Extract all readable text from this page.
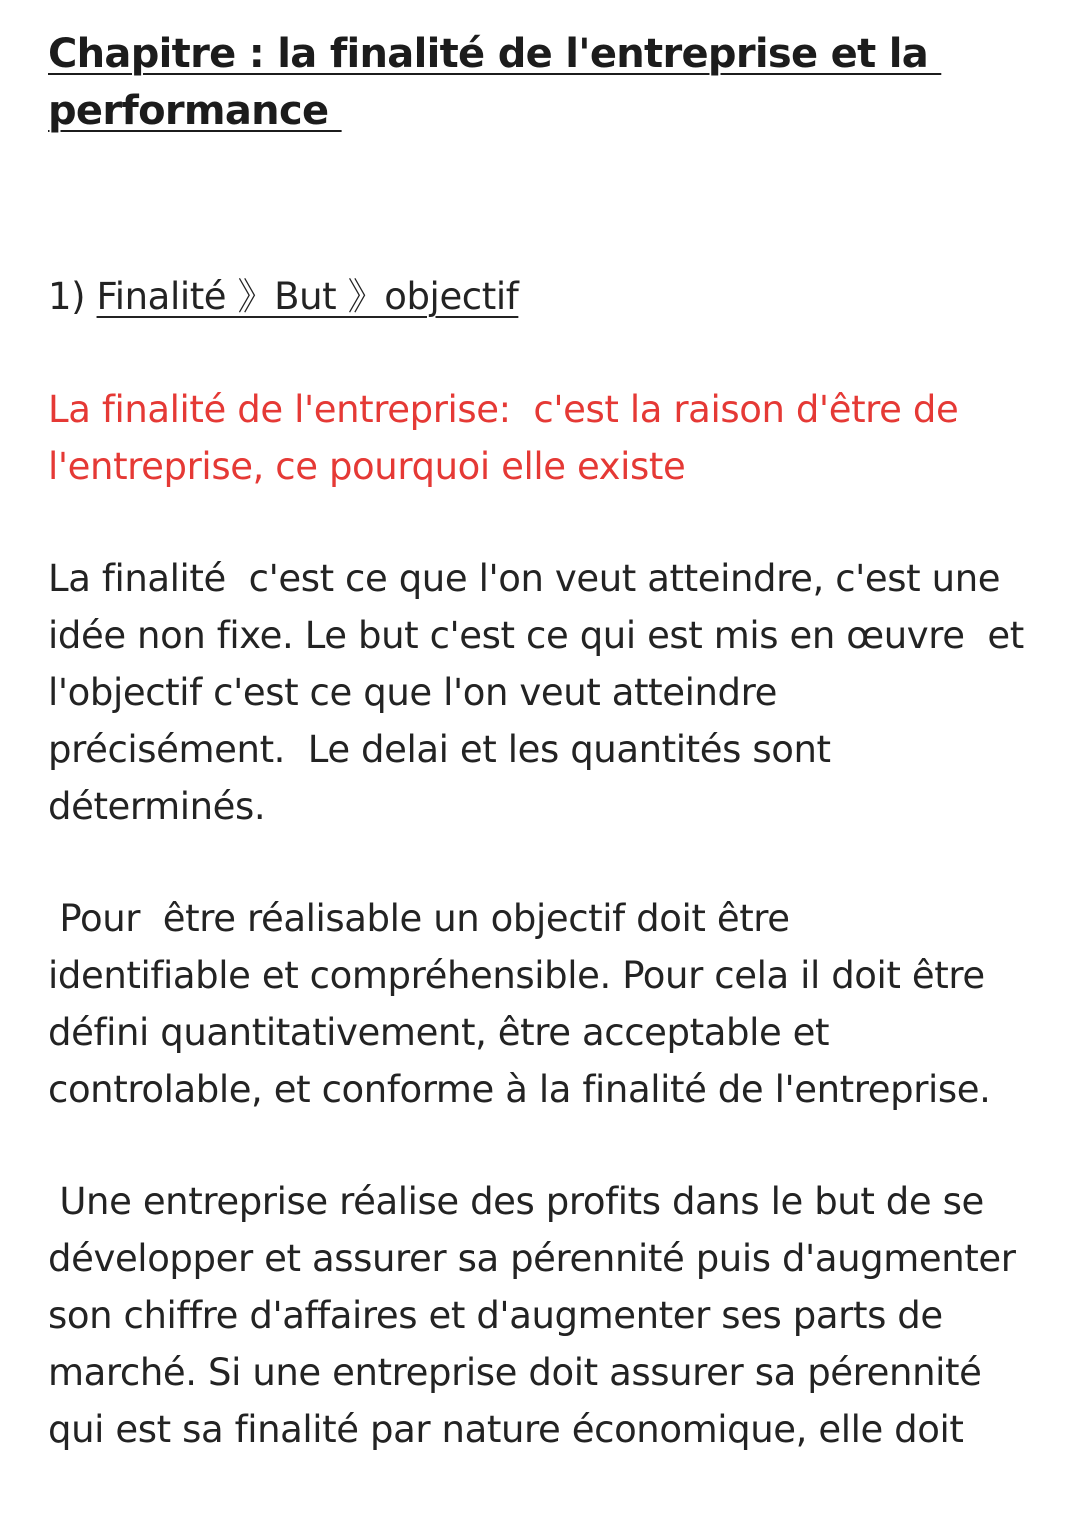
Chapitre : la finalité de l'entreprise et la
performance
1) Finalité 》But 》objectif
La finalité de l'entreprise:  c'est la raison d'être de
l'entreprise, ce pourquoi elle existe
La finalité  c'est ce que l'on veut atteindre, c'est une
idée non fixe. Le but c'est ce qui est mis en œuvre  et
l'objectif c'est ce que l'on veut atteindre
précisément.  Le delai et les quantités sont
déterminés.
Pour  être réalisable un objectif doit être
identifiable et compréhensible. Pour cela il doit être
défini quantitativement, être acceptable et
controlable, et conforme à la finalité de l'entreprise.
Une entreprise réalise des profits dans le but de se
développer et assurer sa pérennité puis d'augmenter
son chiffre d'affaires et d'augmenter ses parts de
marché. Si une entreprise doit assurer sa pérennité
qui est sa finalité par nature économique, elle doit
